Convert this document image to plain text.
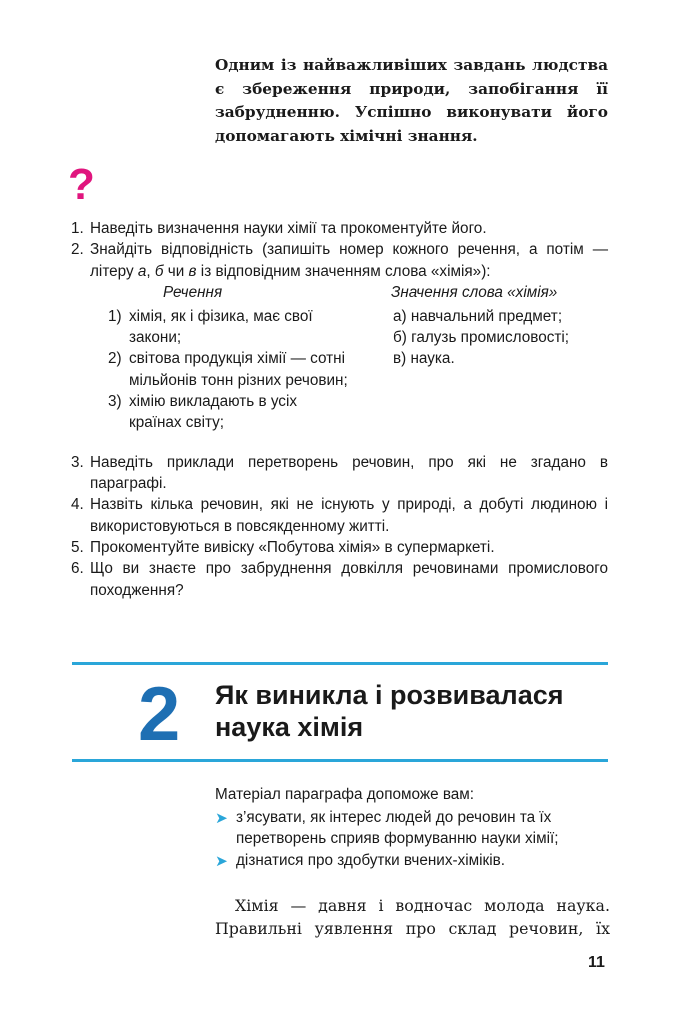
Одним із найважливіших завдань людства є збереження природи, запобігання її забрудненню. Успішно виконувати його допомагають хімічні знання.

?
1. Наведіть визначення науки хімії та прокоментуйте його.
2. Знайдіть відповідність (запишіть номер кожного речення, а потім — літеру а, б чи в із відповідним значенням слова «хімія»):
Речення	Значення слова «хімія»
1) хімія, як і фізика, має свої закони;
2) світова продукція хімії — сотні мільйонів тонн різних речовин;
3) хімію викладають в усіх країнах світу;
а) навчальний предмет;
б) галузь промисловості;
в) наука.
3. Наведіть приклади перетворень речовин, про які не згадано в параграфі.
4. Назвіть кілька речовин, які не існують у природі, а добуті людиною і використовуються в повсякденному житті.
5. Прокоментуйте вивіску «Побутова хімія» в супермаркеті.
6. Що ви знаєте про забруднення довкілля речовинами промислового походження?
2 Як виникла і розвивалася
наука хімія

Матеріал параграфа допоможе вам:

➤ з’ясувати, як інтерес людей до речовин та їх перетворень сприяв формуванню науки хімії;
➤ дізнатися про здобутки вчених-хіміків.

Хімія — давня і водночас молода наука. Правильні уявлення про склад речовин, їх

11
